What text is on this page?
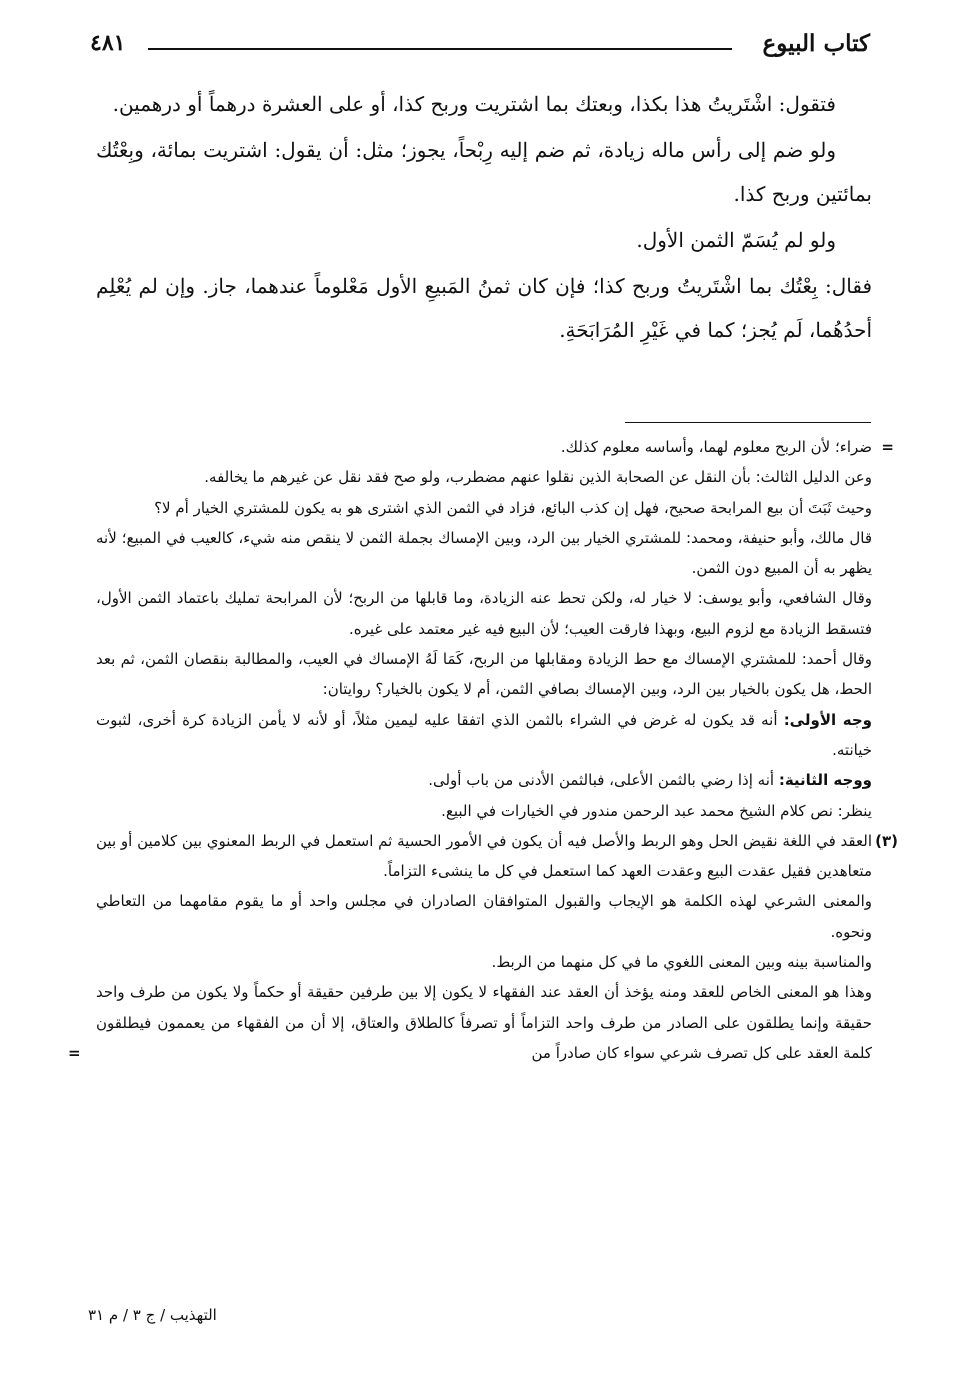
كتاب البيوع
٤٨١

فتقول: اشْتَريتُ هذا بكذا، وبعتك بما اشتريت وربح كذا، أو على العشرة درهماً أو درهمين.

ولو ضم إلى رأس ماله زيادة، ثم ضم إليه رِبْحاً، يجوز؛ مثل: أن يقول: اشتريت بمائة، وبِعْتُك بمائتين وربح كذا.

ولو لم يُسَمّ الثمن الأول.

فقال: بِعْتُك بما اشْتَريتُ وربح كذا؛ فإن كان ثمنُ المَبيعِ الأول مَعْلوماً عندهما، جاز. وإن لم يُعْلِم أحدُهُما، لَم يُجز؛ كما في غَيْرِ المُرَابَحَةِ.

=
ضراء؛ لأن الربح معلوم لهما، وأساسه معلوم كذلك.

وعن الدليل الثالث: بأن النقل عن الصحابة الذين نقلوا عنهم مضطرب، ولو صح فقد نقل عن غيرهم ما يخالفه.

وحيث ثَبَتَ أن بيع المرابحة صحيح، فهل إن كذب البائع، فزاد في الثمن الذي اشترى هو به يكون للمشتري الخيار أم لا؟

قال مالك، وأبو حنيفة، ومحمد: للمشتري الخيار بين الرد، وبين الإمساك بجملة الثمن لا ينقص منه شيء، كالعيب في المبيع؛ لأنه يظهر به أن المبيع دون الثمن.

وقال الشافعي، وأبو يوسف: لا خيار له، ولكن تحط عنه الزيادة، وما قابلها من الربح؛ لأن المرابحة تمليك باعتماد الثمن الأول، فتسقط الزيادة مع لزوم البيع، وبهذا فارقت العيب؛ لأن البيع فيه غير معتمد على غيره.

وقال أحمد: للمشتري الإمساك مع حط الزيادة ومقابلها من الربح، كَمَا لَهُ الإمساك في العيب، والمطالبة بنقصان الثمن، ثم بعد الحط، هل يكون بالخيار بين الرد، وبين الإمساك بصافي الثمن، أم لا يكون بالخيار؟ روايتان:

وجه الأولى: أنه قد يكون له غرض في الشراء بالثمن الذي اتفقا عليه ليمين مثلاً، أو لأنه لا يأمن الزيادة كرة أخرى، لثبوت خيانته.

ووجه الثانية: أنه إذا رضي بالثمن الأعلى، فبالثمن الأدنى من باب أولى.

ينظر: نص كلام الشيخ محمد عبد الرحمن مندور في الخيارات في البيع.

(٣)
العقد في اللغة نقيض الحل وهو الربط والأصل فيه أن يكون في الأمور الحسية ثم استعمل في الربط المعنوي بين كلامين أو بين متعاهدين فقيل عقدت البيع وعقدت العهد كما استعمل في كل ما ينشىء التزاماً.

والمعنى الشرعي لهذه الكلمة هو الإيجاب والقبول المتوافقان الصادران في مجلس واحد أو ما يقوم مقامهما من التعاطي ونحوه.

والمناسبة بينه وبين المعنى اللغوي ما في كل منهما من الربط.

وهذا هو المعنى الخاص للعقد ومنه يؤخذ أن العقد عند الفقهاء لا يكون إلا بين طرفين حقيقة أو حكماً ولا يكون من طرف واحد حقيقة وإنما يطلقون على الصادر من طرف واحد التزاماً أو تصرفاً كالطلاق والعتاق، إلا أن من الفقهاء من يعممون فيطلقون كلمة العقد على كل تصرف شرعي سواء كان صادراً من
=

التهذيب / ج ٣ / م ٣١
